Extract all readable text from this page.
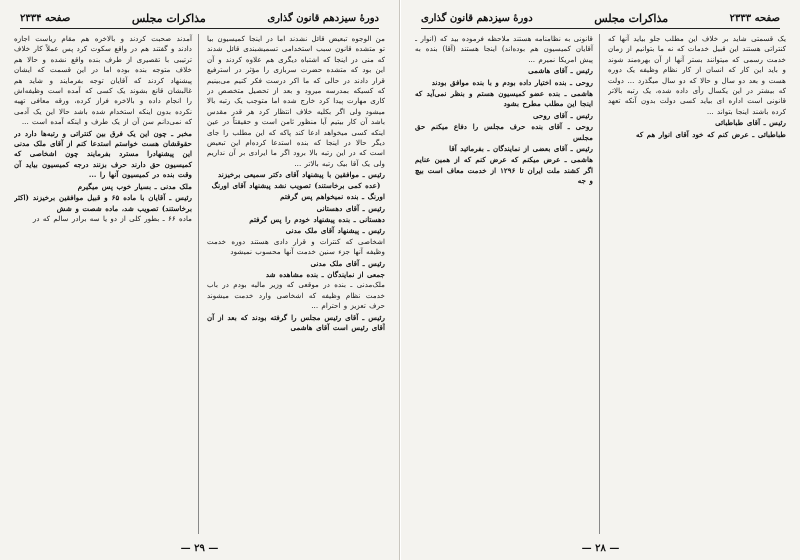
دورهٔ سیزدهم قانون گذاری
مذاکرات مجلس
صفحه ۲۳۳۴
من الوجوه تبعیض قائل نشدند اما در اینجا کمیسیون بیا تو متشده قانون سبب استخدامی تسمیشبندی قائل شدند که منی در اینجا که اشتباه دیگری هم علاوه کردند و آن این بود که متشده حضرت سربازی را مؤثر در استرفیع قرار دادند در حالی که ما اکر درست فکر کنیم می‌بینیم که کسیکه بمدرسه میرود و بعد از تحصیل متخصص در کاری مهارت پیدا کرد خارج شده اما متوجب یک رتبه بالا میشود ولی اگر بکلیه خلاف انتظار کرد هر قدر مقدس باشد آن کار بیتیم آیا منظور ثامن است و حقیقتاً در عین اینکه کسی میخواهد ادعا کند پاکه که این مطلب را جای دیگر حالا در اینجا که بنده استدعا کرده‌ام این تبعیض است که در این رتبه بالا برود اگر ما ایرادی بر آن نداریم ولی یک آقا بیک رتبه بالاتر ...
رئیس ـ موافقین با پیشنهاد آقای دکتر سمیعی برخیزند
(عده کمی برخاستند) تصویب نشد پیشنهاد آقای اورنگ
اورنگ ـ بنده نمیخواهم پس گرفتم
رئیس ـ آقای دهستانی
دهستانی ـ بنده پیشنهاد خودم را پس گرفتم
رئیس ـ پیشنهاد آقای ملک مدنی
اشخاصی که کنترات و قرار دادی هستند دوره خدمت وظیفه آنها جزء سنین خدمت آنها محسوب نمیشود
رئیس ـ آقای ملک مدنی
جمعی از نمایندگان ـ بنده مشاهده شد
ملک‌مدنی ـ بنده در موقعی که وزیر مالیه بودم در باب خدمت نظام وظیفه که اشخاصی وارد خدمت میشوند حرف تعزیز و احترام ...
رئیس ـ آقای رئیس مجلس را گرفته بودند که بعد از آن آقای رئیس است آقای هاشمی
آمدند صحبت کردند و بالاخره هم مقام ریاست اجازه دادند و گفتند هم در واقع سکوت کرد پس عملاً کار خلاف ترتیبی با تقصیری از طرف بنده واقع نشده و حالا هم خلاف متوجه بنده بوده اما در این قسمت که ایشان پیشنهاد کردند که آقایان توجه بفرمایند و شاید هم غالبشان قانع بشوند یک کسی که آمده است وظیفه‌اش را انجام داده و بالاخره فراز کرده، ورقه معافی تهیه نکرده بدون اینکه استخدام شده باشد حالا این یک آدمی که نمی‌دانم سن آن از یک طرف و اینکه آمده است ...
مخبر ـ چون این یک فرق بین کنتراتی و رتبه‌ها دارد در حقوقشان هست خواستم استدعا کنم از آقای ملک مدنی این پیشنهادرا مسترد بفرمایند چون اشخاصی که کمیسیون حق دارند حرف بزنند درجه کمیسیون بیاید آن وقت بنده در کمیسیون آنها را ...
ملک مدنی ـ بسیار خوب پس میگیرم
رئیس ـ آقایان با ماده ۶۵ و قبیل موافقین برخیزند (اکثر برخاستند) تصویب شد، ماده شصت و شش
ماده ۶۶ ـ بطور کلی از دو یا سه برادر سالم که در
— ۲۹ —
صفحه ۲۳۳۳
مذاکرات مجلس
دورهٔ سیزدهم قانون گذاری
یک قسمتی شاید بر خلاف این مطلب جلو بیاید آنها که کنتراتی هستند این قبیل خدمات که نه ما بتوانیم از زمان خدمت رسمی که میتوانند بستر آنها از آن بهره‌مند شوند و باید این کار که انسان از کار نظام وظیفه یک دوره هست و بعد دو سال و حالا که دو سال میگذرد ... دولت که بیشتر در این یکسال رأی داده شده، یک رتبه بالاتر قانونی است اداره ای بیاید کسی دولت بدون آنکه تعهد کرده باشند اینجا بتواند ...
رئیس ـ آقای طباطبائی
طباطبائی ـ عرض کنم که خود آقای انوار هم که
قانونی به نظامنامه هستند ملاحظه فرموده بید که (انوار ـ آقایان کمیسیون هم بوده‌اند) اینجا هستند (آقا) بنده به پیش امریکا نمیرم ...
رئیس ـ آقای هاشمی
روحی ـ بنده اختیار داده بودم و با بنده موافق بودند
هاشمی ـ بنده عضو کمیسیون هستم و بنظر نمی‌آید که اینجا این مطلب مطرح بشود
رئیس ـ آقای روحی
روحی ـ آقای بنده حرف مجلس را دفاع میکنم حق مجلس
رئیس ـ آقای بعضی از نمایندگان ـ بفرمائید آقا
هاشمی ـ عرض میکنم که عرض کنم که از همین عنایم اگر کشند ملت ایران تا ۱۲۹۶ از خدمت معاف است بیچ و جه
— ۲۸ —
